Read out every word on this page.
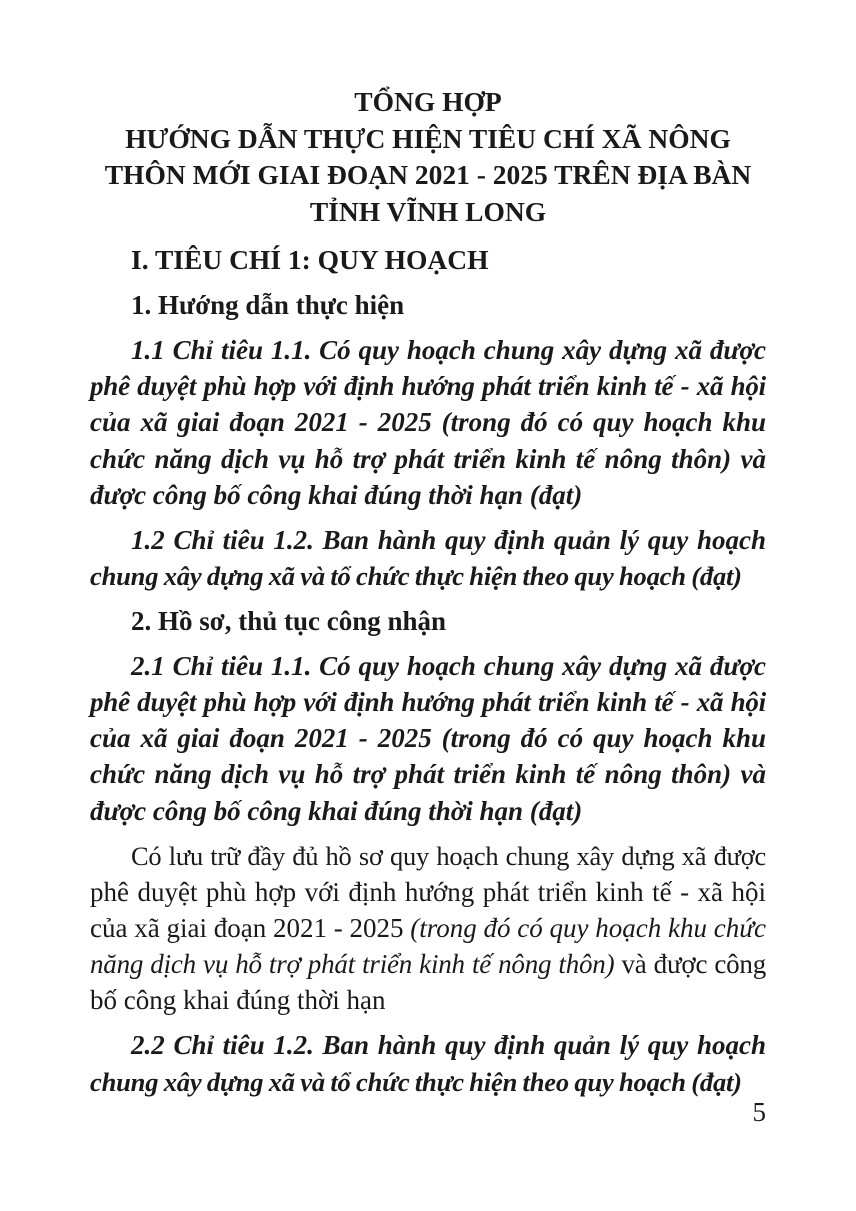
TỔNG HỢP
HƯỚNG DẪN THỰC HIỆN TIÊU CHÍ XÃ NÔNG
THÔN MỚI GIAI ĐOẠN 2021 - 2025 TRÊN ĐỊA BÀN
TỈNH VĨNH LONG
I. TIÊU CHÍ 1: QUY HOẠCH
1. Hướng dẫn thực hiện
1.1 Chỉ tiêu 1.1. Có quy hoạch chung xây dựng xã được
phê duyệt phù hợp với định hướng phát triển kinh tế - xã hội
của xã giai đoạn 2021 - 2025 (trong đó có quy hoạch khu
chức năng dịch vụ hỗ trợ phát triển kinh tế nông thôn) và
được công bố công khai đúng thời hạn (đạt)
1.2 Chỉ tiêu 1.2. Ban hành quy định quản lý quy hoạch
chung xây dựng xã và tổ chức thực hiện theo quy hoạch (đạt)
2. Hồ sơ, thủ tục công nhận
2.1 Chỉ tiêu 1.1. Có quy hoạch chung xây dựng xã được
phê duyệt phù hợp với định hướng phát triển kinh tế - xã hội
của xã giai đoạn 2021 - 2025 (trong đó có quy hoạch khu
chức năng dịch vụ hỗ trợ phát triển kinh tế nông thôn) và
được công bố công khai đúng thời hạn (đạt)
Có lưu trữ đầy đủ hồ sơ quy hoạch chung xây dựng xã được
phê duyệt phù hợp với định hướng phát triển kinh tế - xã hội
của xã giai đoạn 2021 - 2025 (trong đó có quy hoạch khu chức
năng dịch vụ hỗ trợ phát triển kinh tế nông thôn) và được công
bố công khai đúng thời hạn
2.2 Chỉ tiêu 1.2. Ban hành quy định quản lý quy hoạch
chung xây dựng xã và tổ chức thực hiện theo quy hoạch (đạt)
5
